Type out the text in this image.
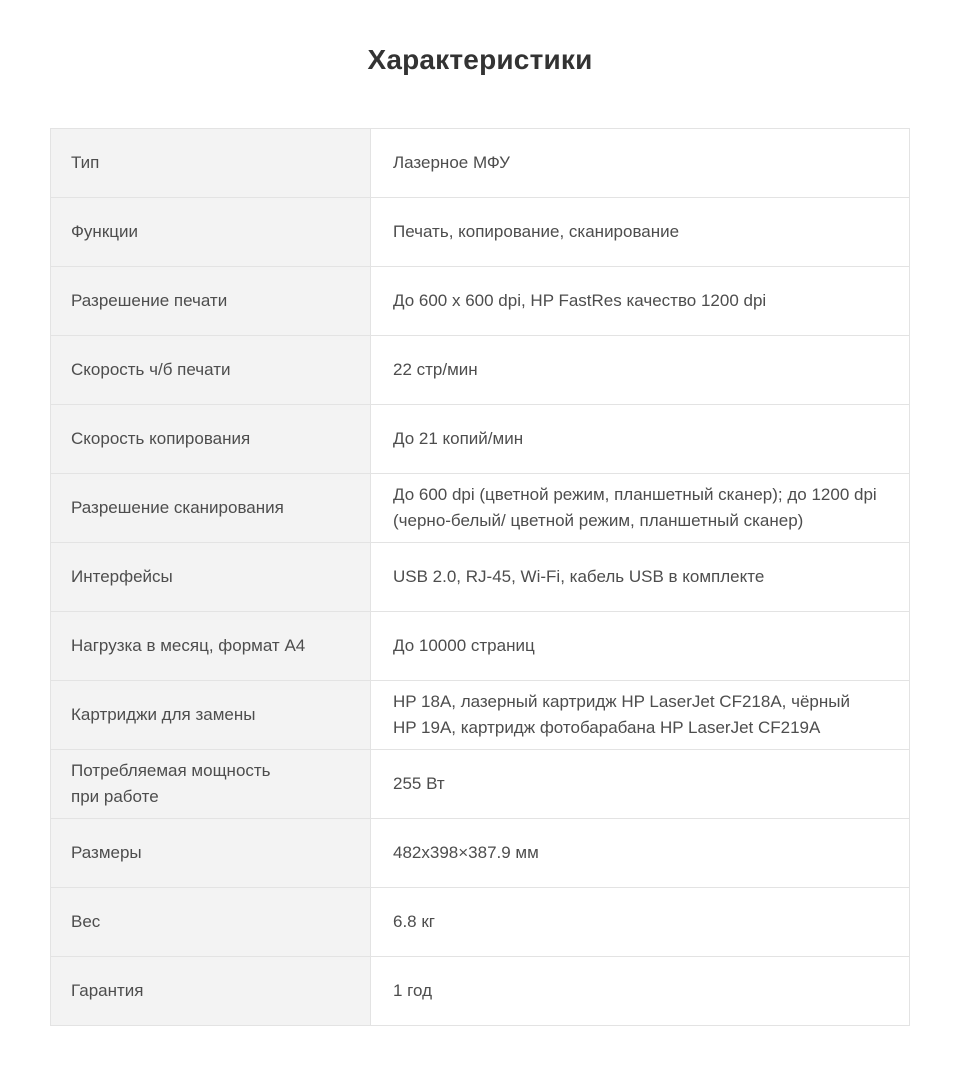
Характеристики
Тип	Лазерное МФУ

Функции	Печать, копирование, сканирование

Разрешение печати	До 600 x 600 dpi, HP FastRes качество 1200 dpi

Скорость ч/б печати	22 стр/мин

Скорость копирования	До 21 копий/мин

Разрешение сканирования	До 600 dpi (цветной режим, планшетный сканер); до 1200 dpi
(черно-белый/ цветной режим, планшетный сканер)

Интерфейсы	USB 2.0, RJ-45, Wi-Fi, кабель USB в комплекте

Нагрузка в месяц, формат А4	До 10000 страниц

Картриджи для замены	HP 18A, лазерный картридж HP LaserJet CF218A, чёрный
HP 19A, картридж фотобарабана HP LaserJet CF219A

Потребляемая мощность
при работе	255 Вт

Размеры	482x398×387.9 мм

Вес	6.8 кг

Гарантия	1 год
